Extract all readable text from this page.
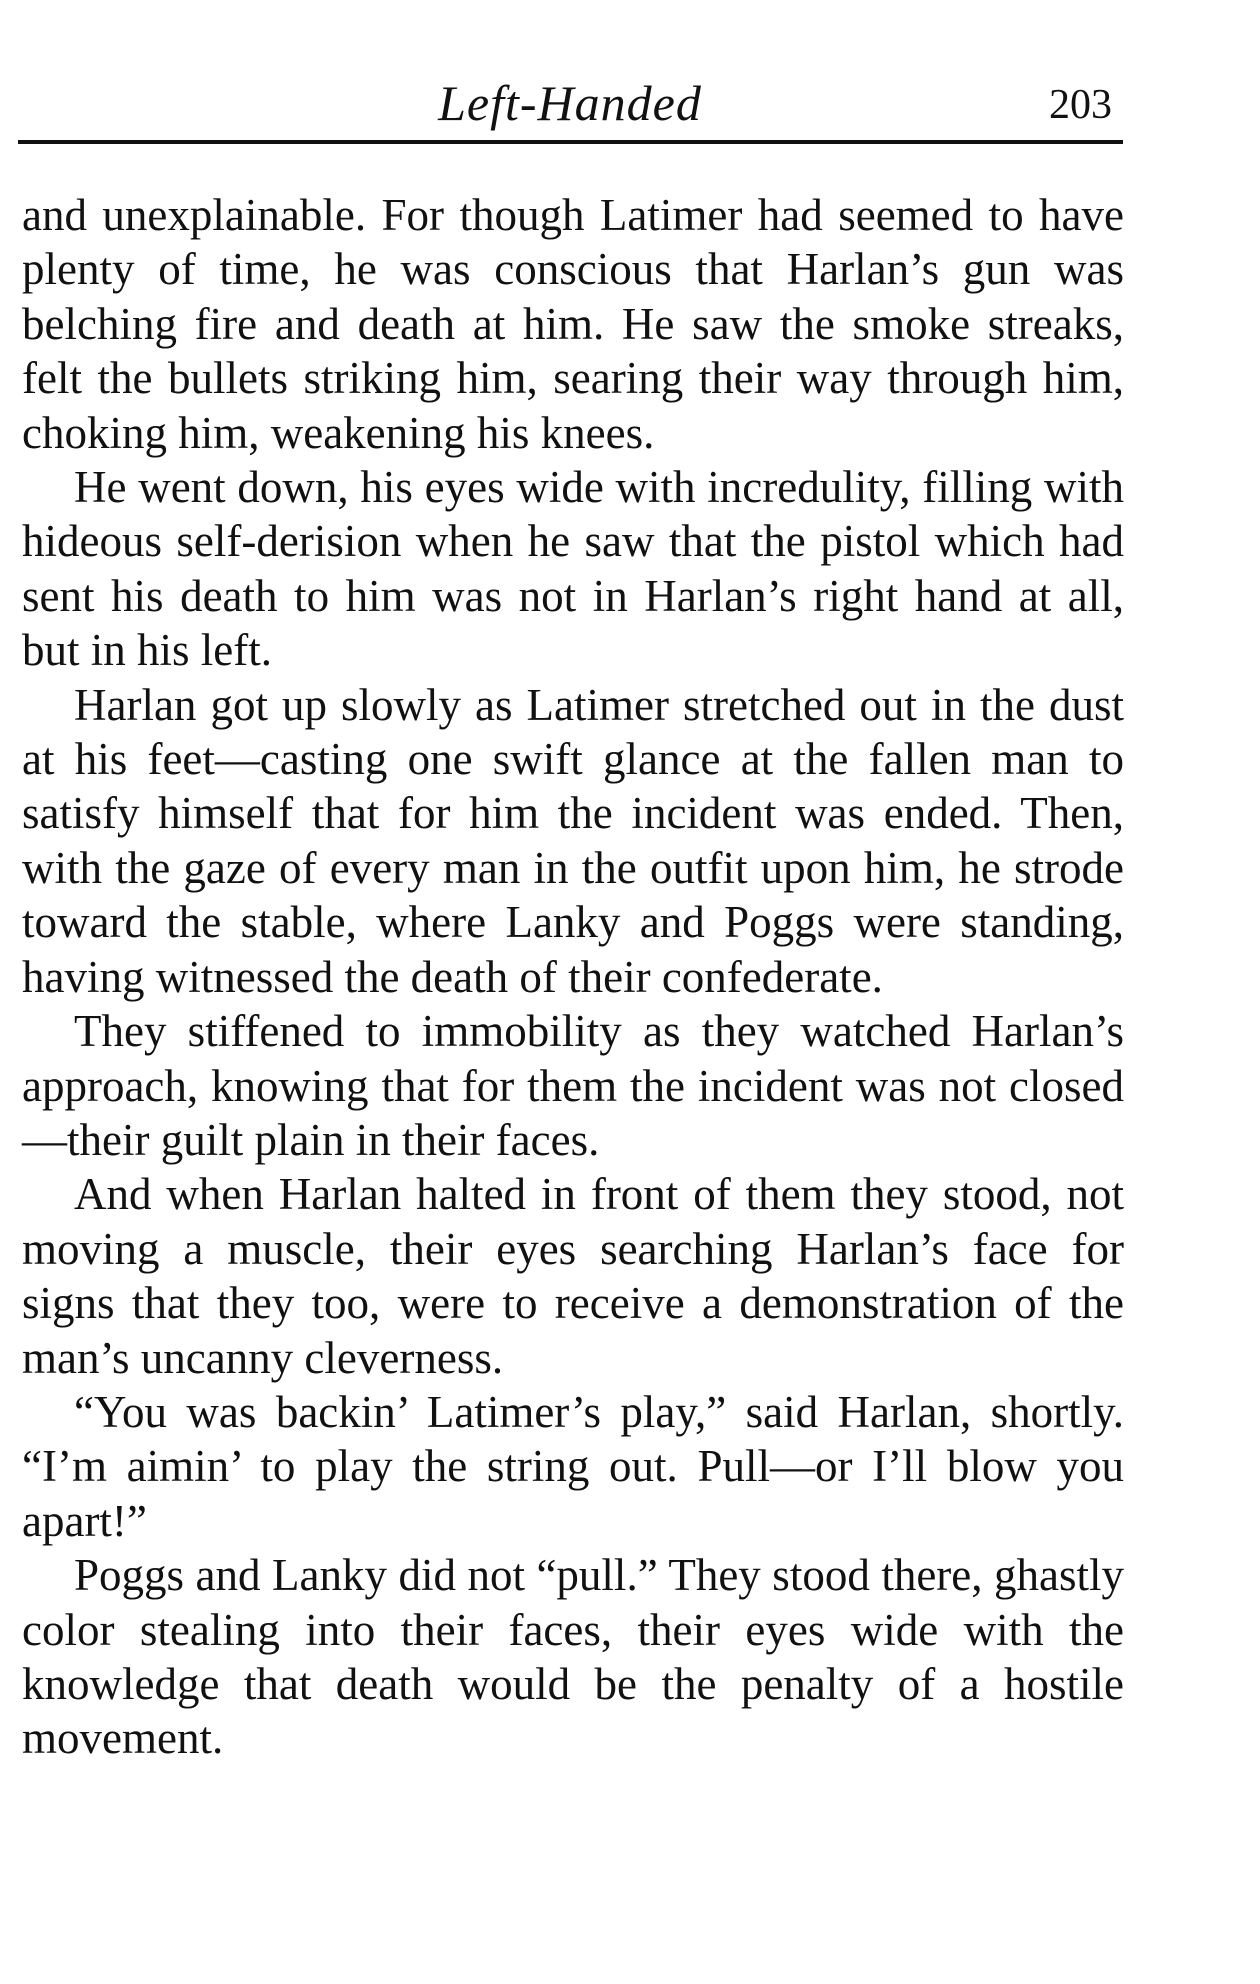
Left-Handed	203

and unexplainable. For though Latimer had seemed to have plenty of time, he was conscious that Harlan’s gun was belching fire and death at him. He saw the smoke streaks, felt the bullets striking him, searing their way through him, choking him, weakening his knees.

He went down, his eyes wide with incredulity, filling with hideous self-derision when he saw that the pistol which had sent his death to him was not in Harlan’s right hand at all, but in his left.

Harlan got up slowly as Latimer stretched out in the dust at his feet—casting one swift glance at the fallen man to satisfy himself that for him the incident was ended. Then, with the gaze of every man in the outfit upon him, he strode toward the stable, where Lanky and Poggs were standing, having witnessed the death of their confederate.

They stiffened to immobility as they watched Harlan’s approach, knowing that for them the incident was not closed—their guilt plain in their faces.

And when Harlan halted in front of them they stood, not moving a muscle, their eyes searching Harlan’s face for signs that they too, were to receive a demonstration of the man’s uncanny cleverness.

“You was backin’ Latimer’s play,” said Harlan, shortly. “I’m aimin’ to play the string out. Pull—or I’ll blow you apart!”

Poggs and Lanky did not “pull.” They stood there, ghastly color stealing into their faces, their eyes wide with the knowledge that death would be the penalty of a hostile movement.
